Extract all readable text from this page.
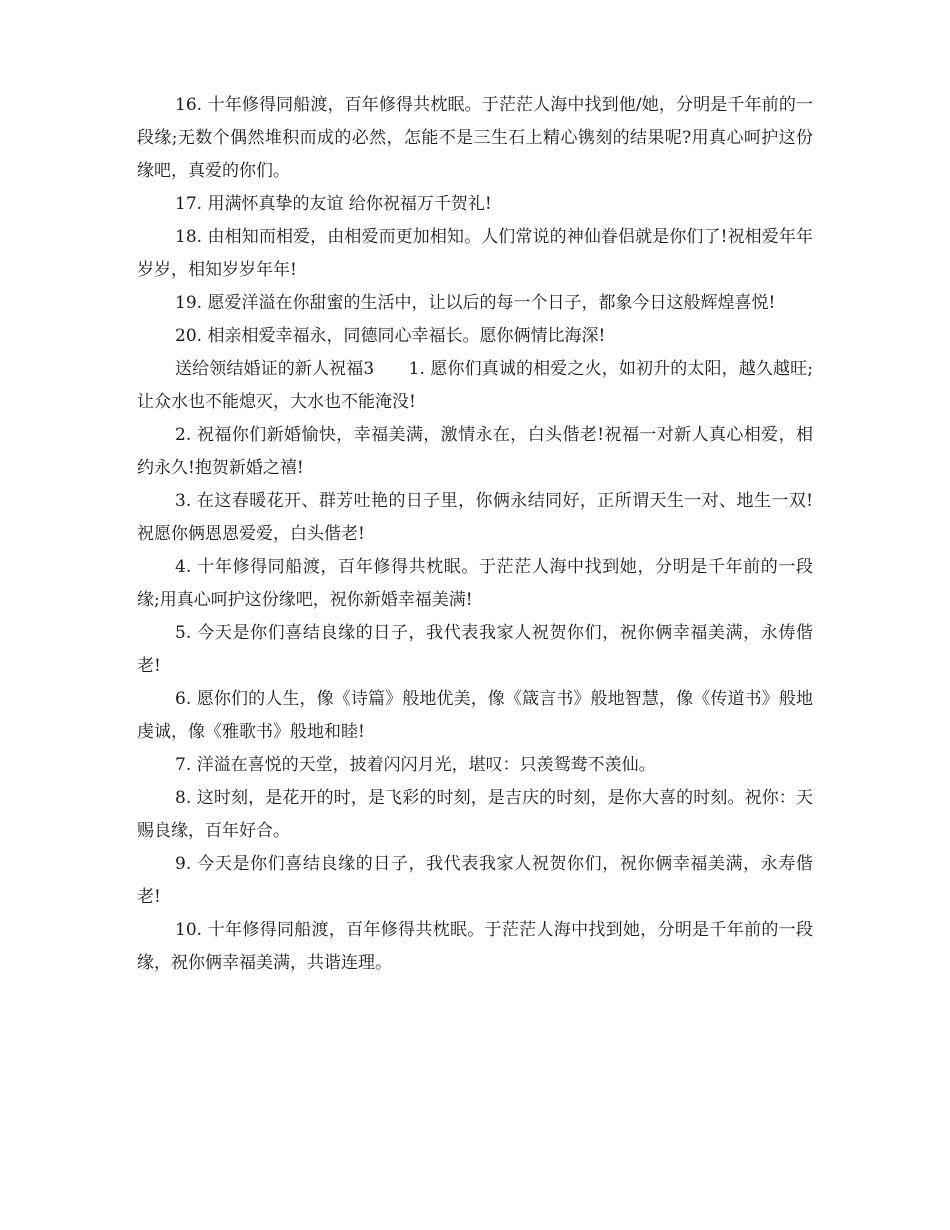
16. 十年修得同船渡，百年修得共枕眠。于茫茫人海中找到他/她，分明是千年前的一段缘;无数个偶然堆积而成的必然，怎能不是三生石上精心镌刻的结果呢?用真心呵护这份缘吧，真爱的你们。

17. 用满怀真挚的友谊 给你祝福万千贺礼!

18. 由相知而相爱，由相爱而更加相知。人们常说的神仙眷侣就是你们了!祝相爱年年岁岁，相知岁岁年年!

19. 愿爱洋溢在你甜蜜的生活中，让以后的每一个日子，都象今日这般辉煌喜悦!

20. 相亲相爱幸福永，同德同心幸福长。愿你俩情比海深!

送给领结婚证的新人祝福3　　1. 愿你们真诚的相爱之火，如初升的太阳，越久越旺;让众水也不能熄灭，大水也不能淹没!

2. 祝福你们新婚愉快，幸福美满，激情永在，白头偕老!祝福一对新人真心相爱，相约永久!抱贺新婚之禧!

3. 在这春暖花开、群芳吐艳的日子里，你俩永结同好，正所谓天生一对、地生一双!祝愿你俩恩恩爱爱，白头偕老!

4. 十年修得同船渡，百年修得共枕眠。于茫茫人海中找到她，分明是千年前的一段缘;用真心呵护这份缘吧，祝你新婚幸福美满!

5. 今天是你们喜结良缘的日子，我代表我家人祝贺你们，祝你俩幸福美满，永俦偕老!

6. 愿你们的人生，像《诗篇》般地优美，像《箴言书》般地智慧，像《传道书》般地虔诚，像《雅歌书》般地和睦!

7. 洋溢在喜悦的天堂，披着闪闪月光，堪叹：只羡鸳鸯不羡仙。

8. 这时刻，是花开的时，是飞彩的时刻，是吉庆的时刻，是你大喜的时刻。祝你：天赐良缘，百年好合。

9. 今天是你们喜结良缘的日子，我代表我家人祝贺你们，祝你俩幸福美满，永寿偕老!

10. 十年修得同船渡，百年修得共枕眠。于茫茫人海中找到她，分明是千年前的一段缘，祝你俩幸福美满，共谐连理。
